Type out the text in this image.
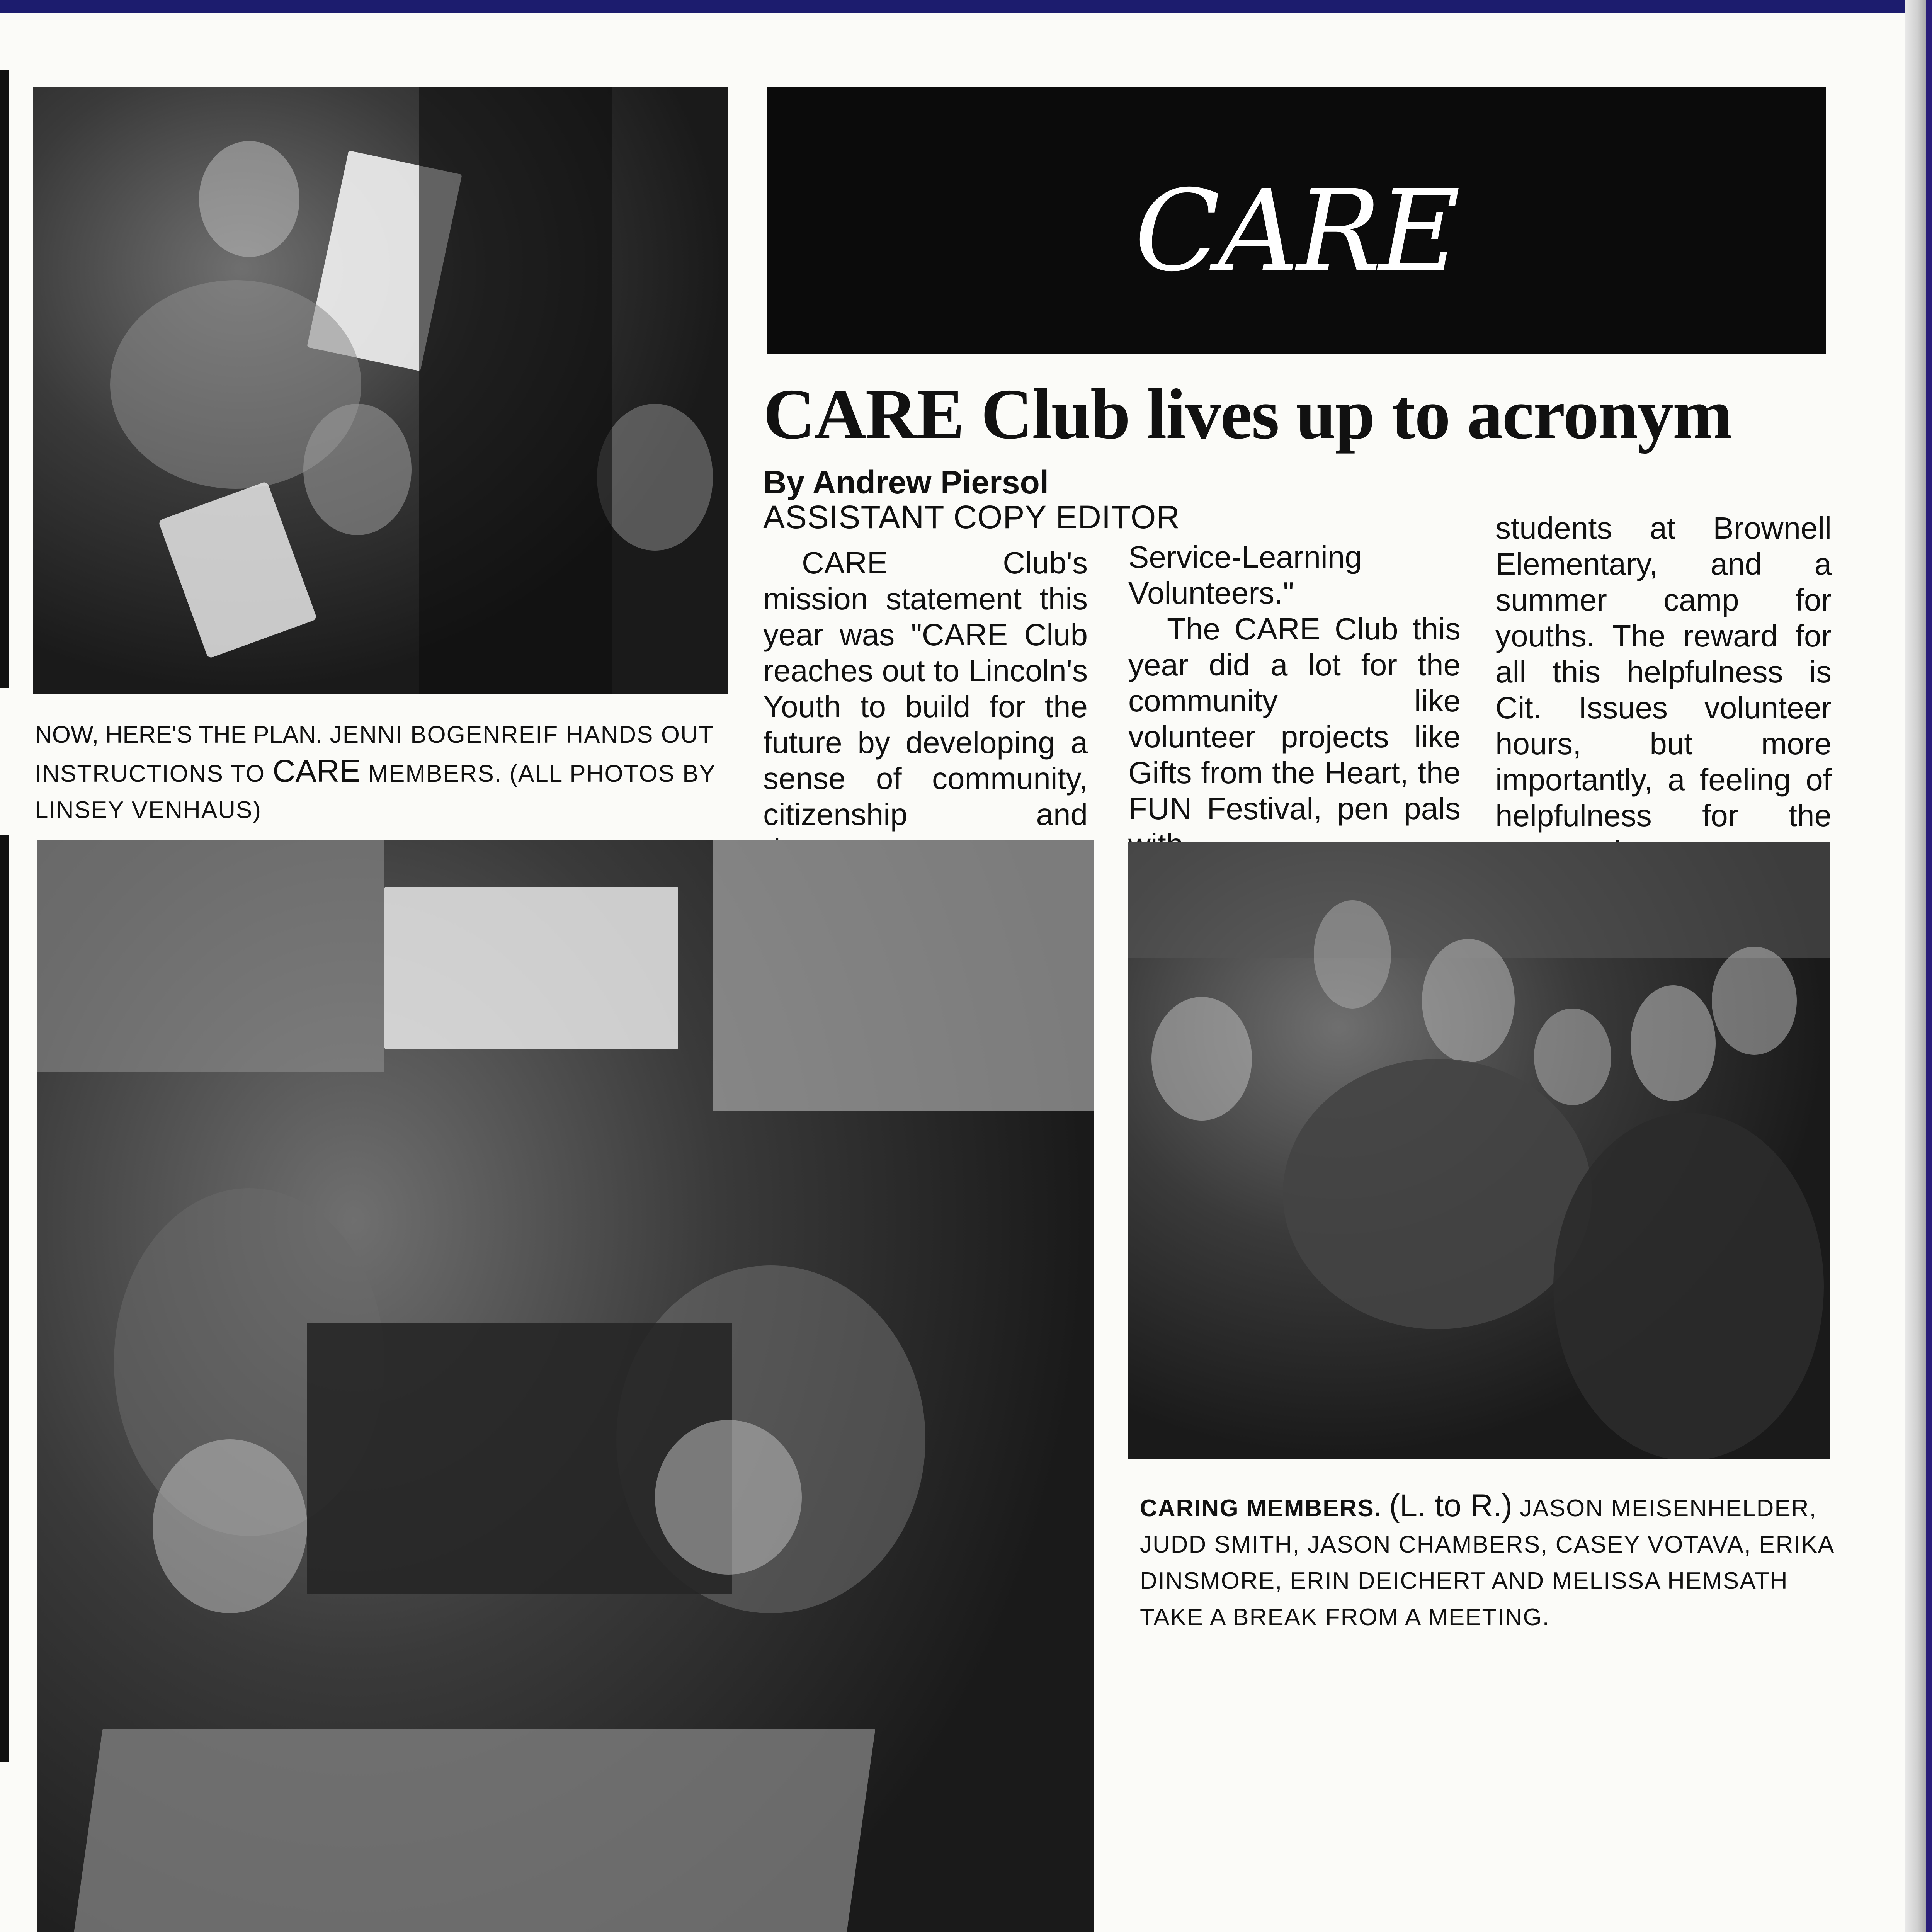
CARE
CARE Club lives up to acronym
By Andrew Piersol
ASSISTANT COPY EDITOR

CARE Club's mission statement this year was "CARE Club reaches out to Lincoln's Youth to build for the future by developing a sense of community, citizenship and

Service-Learning Volunteers."

The CARE Club this year did a lot for the community like volunteer projects like Gifts from the Heart, the FUN Festival, pen pals

students at Brownell Elementary, and a summer camp for youths. The reward for all this helpfulness is Cit. Issues volunteer hours, but more importantly, a feeling of helpfulness for the

NOW, HERE'S THE PLAN. JENNI BOGENREIF HANDS OUT INSTRUCTIONS TO CARE MEMBERS. (ALL PHOTOS BY LINSEY VENHAUS)
CARING MEMBERS. (L. to R.) JASON MEISENHELDER, JUDD SMITH, JASON CHAMBERS, CASEY VOTAVA, ERIKA DINSMORE, ERIN DEICHERT AND MELISSA HEMSATH TAKE A BREAK FROM A MEETING.
